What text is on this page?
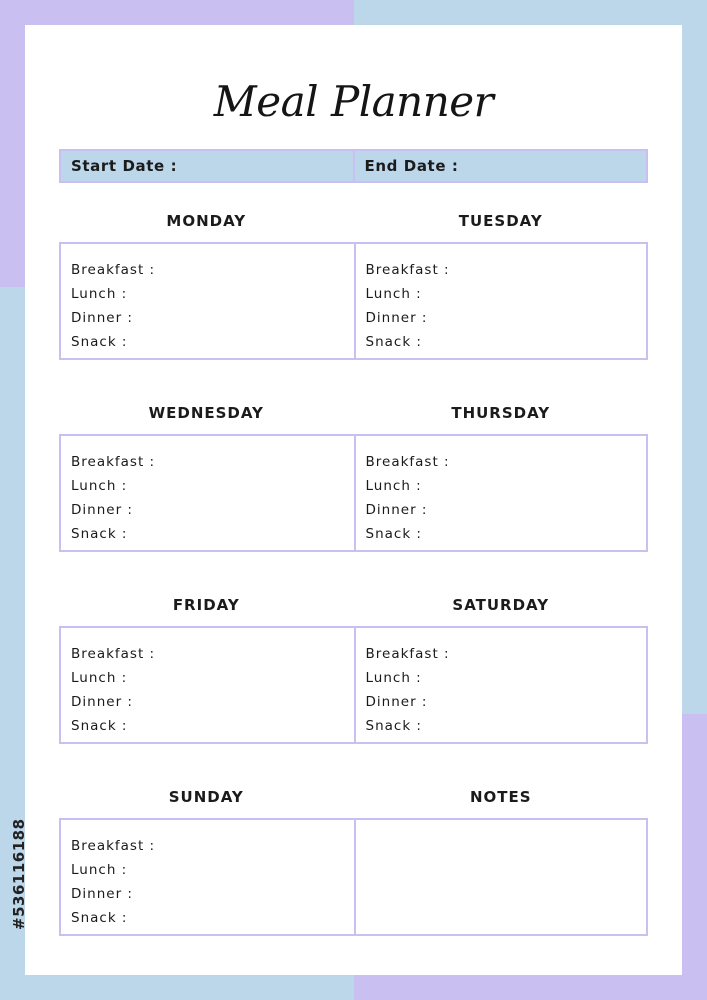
Meal Planner
Start Date :	End Date :
MONDAY	TUESDAY
Breakfast :
Lunch :
Dinner :
Snack :
Breakfast :
Lunch :
Dinner :
Snack :
WEDNESDAY	THURSDAY
Breakfast :
Lunch :
Dinner :
Snack :
Breakfast :
Lunch :
Dinner :
Snack :
FRIDAY	SATURDAY
Breakfast :
Lunch :
Dinner :
Snack :
Breakfast :
Lunch :
Dinner :
Snack :
SUNDAY	NOTES
Breakfast :
Lunch :
Dinner :
Snack :
#536116188
